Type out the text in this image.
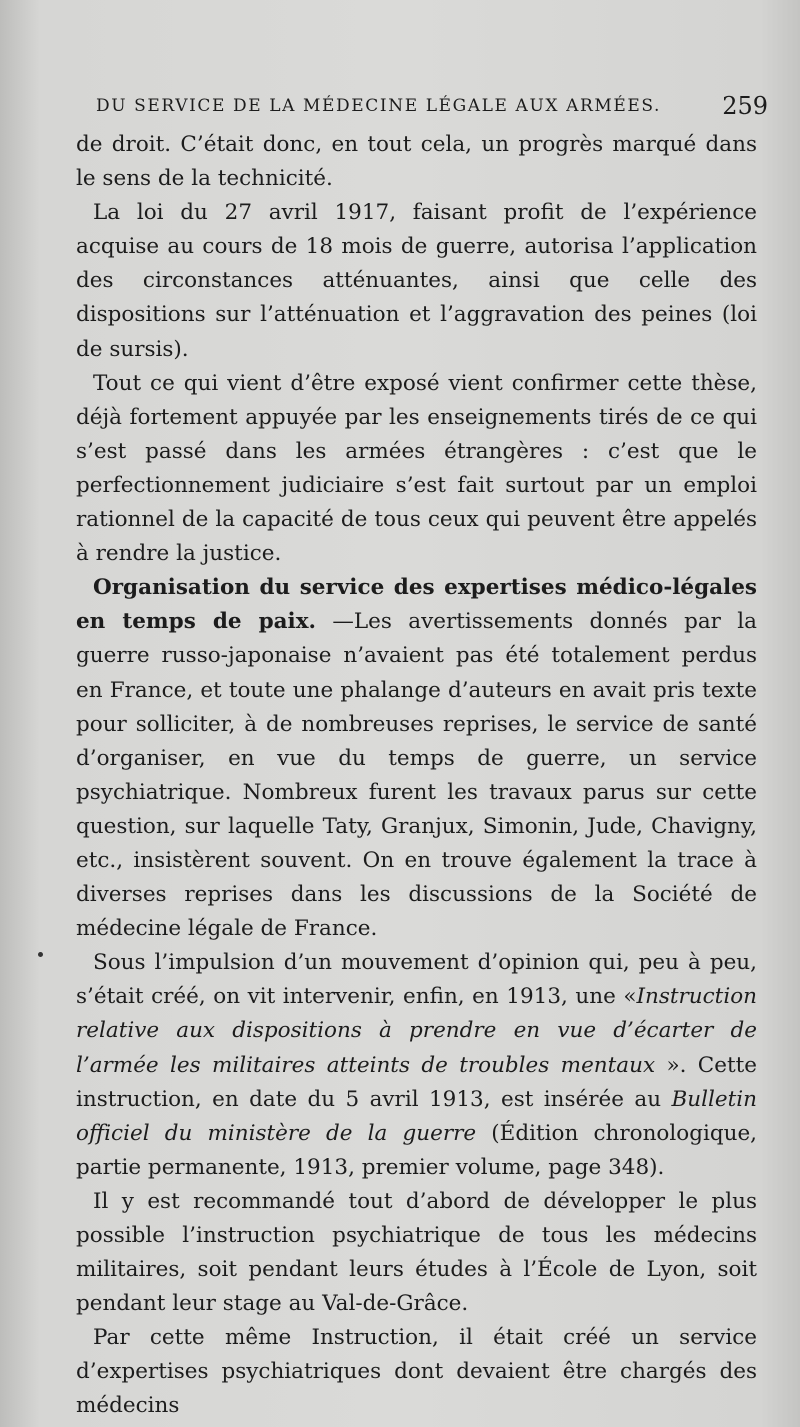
DU SERVICE DE LA MÉDECINE LÉGALE AUX ARMÉES.	259

de droit. C’était donc, en tout cela, un progrès marqué dans le sens de la technicité.

La loi du 27 avril 1917, faisant profit de l’expérience acquise au cours de 18 mois de guerre, autorisa l’application des circonstances atténuantes, ainsi que celle des dispositions sur l’atténuation et l’aggravation des peines (loi de sursis).

Tout ce qui vient d’être exposé vient confirmer cette thèse, déjà fortement appuyée par les enseignements tirés de ce qui s’est passé dans les armées étrangères : c’est que le perfectionnement judiciaire s’est fait surtout par un emploi rationnel de la capacité de tous ceux qui peuvent être appelés à rendre la justice.

Organisation du service des expertises médico-légales en temps de paix. —Les avertissements donnés par la guerre russo-japonaise n’avaient pas été totalement perdus en France, et toute une phalange d’auteurs en avait pris texte pour solliciter, à de nombreuses reprises, le service de santé d’organiser, en vue du temps de guerre, un service psychiatrique. Nombreux furent les travaux parus sur cette question, sur laquelle Taty, Granjux, Simonin, Jude, Chavigny, etc., insistèrent souvent. On en trouve également la trace à diverses reprises dans les discussions de la Société de médecine légale de France.

Sous l’impulsion d’un mouvement d’opinion qui, peu à peu, s’était créé, on vit intervenir, enfin, en 1913, une «Instruction relative aux dispositions à prendre en vue d’écarter de l’armée les militaires atteints de troubles mentaux ». Cette instruction, en date du 5 avril 1913, est insérée au Bulletin officiel du ministère de la guerre (Édition chronologique, partie permanente, 1913, premier volume, page 348).

Il y est recommandé tout d’abord de développer le plus possible l’instruction psychiatrique de tous les médecins militaires, soit pendant leurs études à l’École de Lyon, soit pendant leur stage au Val-de-Grâce.

Par cette même Instruction, il était créé un service d’expertises psychiatriques dont devaient être chargés des médecins
